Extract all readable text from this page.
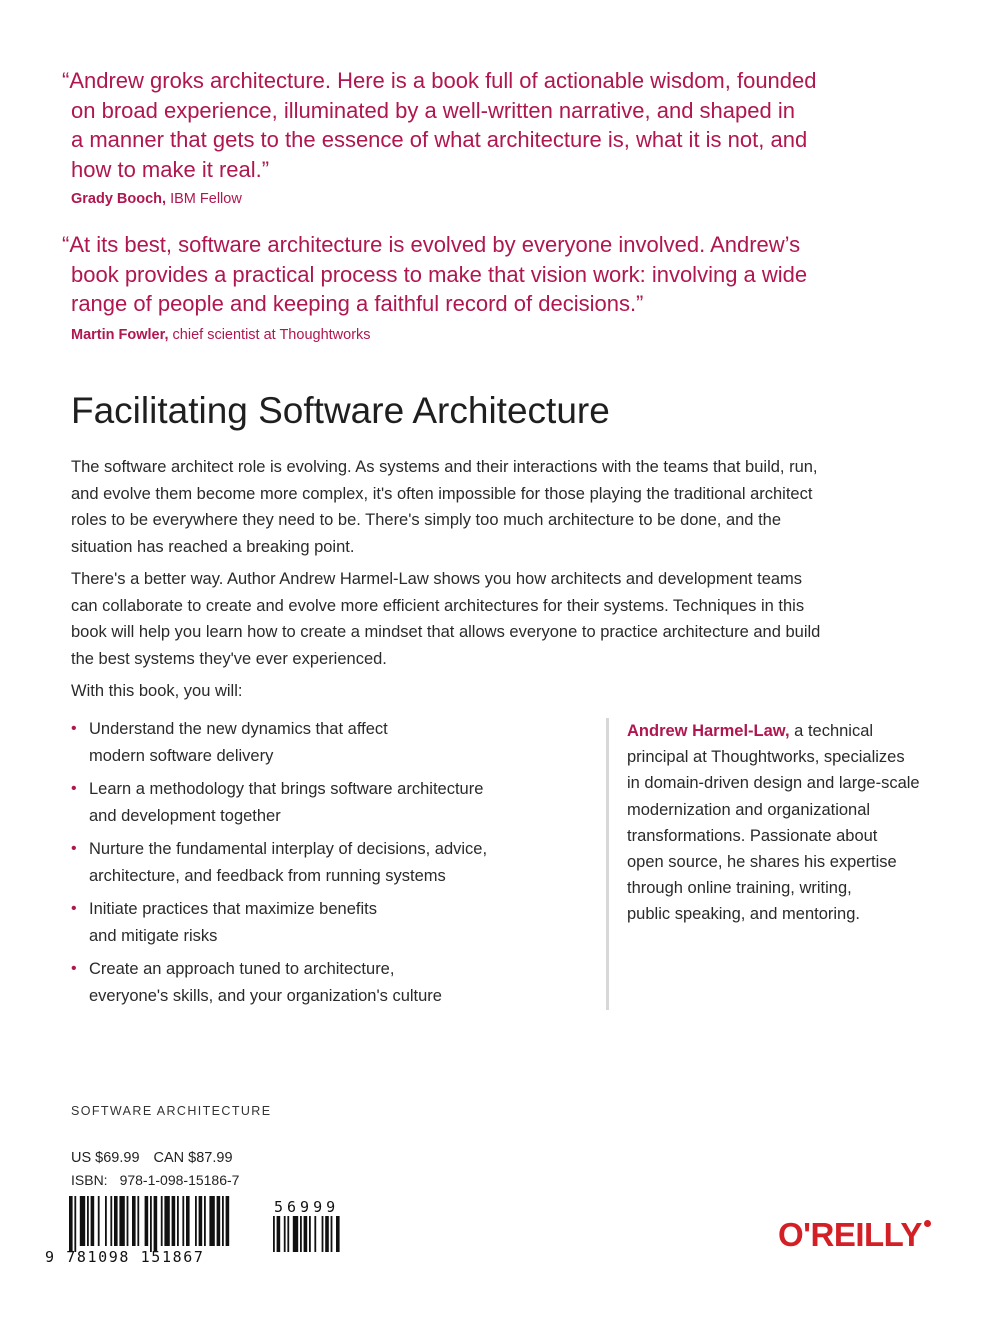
“Andrew groks architecture. Here is a book full of actionable wisdom, founded
on broad experience, illuminated by a well-written narrative, and shaped in
a manner that gets to the essence of what architecture is, what it is not, and
how to make it real.”
Grady Booch, IBM Fellow
“At its best, software architecture is evolved by everyone involved. Andrew’s
book provides a practical process to make that vision work: involving a wide
range of people and keeping a faithful record of decisions.”
Martin Fowler, chief scientist at Thoughtworks
Facilitating Software Architecture
The software architect role is evolving. As systems and their interactions with the teams that build, run,
and evolve them become more complex, it's often impossible for those playing the traditional architect
roles to be everywhere they need to be. There's simply too much architecture to be done, and the
situation has reached a breaking point.
There's a better way. Author Andrew Harmel-Law shows you how architects and development teams
can collaborate to create and evolve more efficient architectures for their systems. Techniques in this
book will help you learn how to create a mindset that allows everyone to practice architecture and build
the best systems they've ever experienced.
With this book, you will:
• Understand the new dynamics that affect
modern software delivery
• Learn a methodology that brings software architecture
and development together
• Nurture the fundamental interplay of decisions, advice,
architecture, and feedback from running systems
• Initiate practices that maximize benefits
and mitigate risks
• Create an approach tuned to architecture,
everyone's skills, and your organization's culture
Andrew Harmel-Law, a technical
principal at Thoughtworks, specializes
in domain-driven design and large-scale
modernization and organizational
transformations. Passionate about
open source, he shares his expertise
through online training, writing,
public speaking, and mentoring.
SOFTWARE ARCHITECTURE
US $69.99 CAN $87.99
ISBN: 978-1-098-15186-7
9 781098 151867
56999
O'REILLY
